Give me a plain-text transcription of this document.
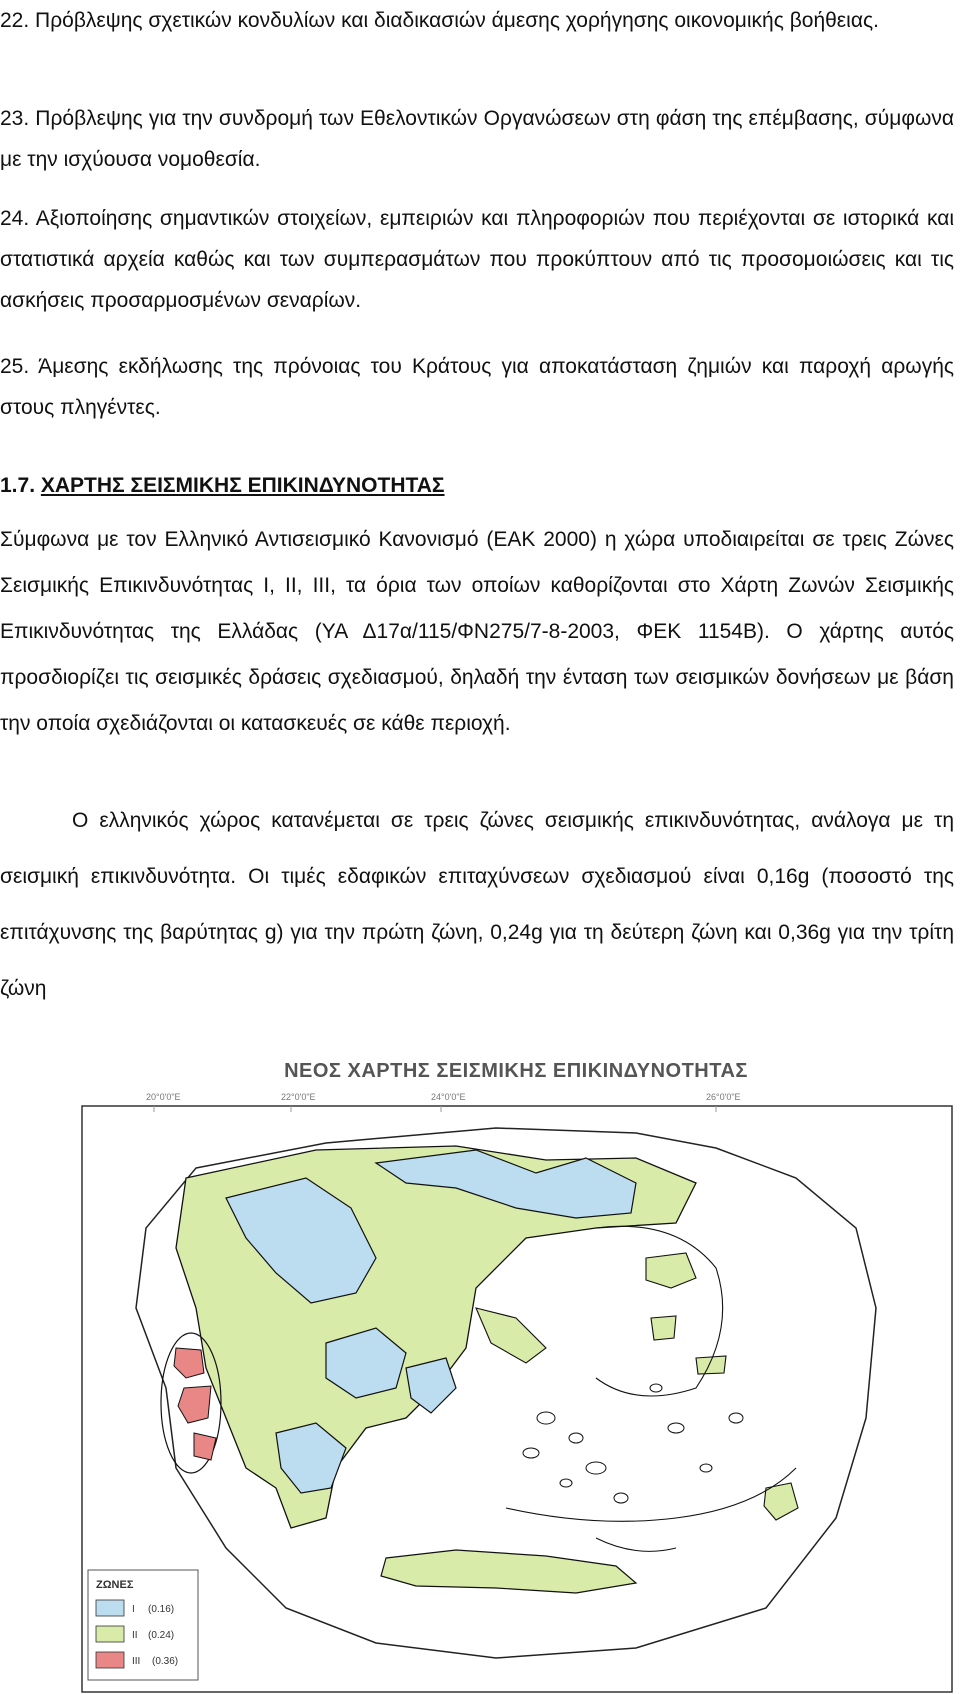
22. Πρόβλεψης σχετικών κονδυλίων και διαδικασιών άμεσης χορήγησης οικονομικής βοήθειας.

23. Πρόβλεψης για την συνδρομή των Εθελοντικών Οργανώσεων στη φάση της επέμβασης, σύμφωνα με την ισχύουσα νομοθεσία.

24. Αξιοποίησης σημαντικών στοιχείων, εμπειριών και πληροφοριών που περιέχονται σε ιστορικά και στατιστικά αρχεία καθώς και των συμπερασμάτων που προκύπτουν από τις προσομοιώσεις και τις ασκήσεις προσαρμοσμένων σεναρίων.

25. Άμεσης εκδήλωσης της πρόνοιας του Κράτους για αποκατάσταση ζημιών και παροχή αρωγής στους πληγέντες.

1.7. ΧΑΡΤΗΣ ΣΕΙΣΜΙΚΗΣ ΕΠΙΚΙΝΔΥΝΟΤΗΤΑΣ

Σύμφωνα με τον Ελληνικό Αντισεισμικό Κανονισμό (ΕΑΚ 2000) η χώρα υποδιαιρείται σε τρεις Ζώνες Σεισμικής Επικινδυνότητας Ι, ΙΙ, ΙΙΙ, τα όρια των οποίων καθορίζονται στο Χάρτη Ζωνών Σεισμικής Επικινδυνότητας της Ελλάδας (ΥΑ Δ17α/115/ΦΝ275/7-8-2003, ΦΕΚ 1154Β). Ο χάρτης αυτός προσδιορίζει τις σεισμικές δράσεις σχεδιασμού, δηλαδή την ένταση των σεισμικών δονήσεων με βάση την οποία σχεδιάζονται οι κατασκευές σε κάθε περιοχή.

Ο ελληνικός χώρος κατανέμεται σε τρεις ζώνες σεισμικής επικινδυνότητας, ανάλογα με τη σεισμική επικινδυνότητα. Οι τιμές εδαφικών επιταχύνσεων σχεδιασμού είναι 0,16g (ποσοστό της επιτάχυνσης της βαρύτητας g) για την πρώτη ζώνη, 0,24g για τη δεύτερη ζώνη και 0,36g για την τρίτη ζώνη

ΝΕΟΣ ΧΑΡΤΗΣ ΣΕΙΣΜΙΚΗΣ ΕΠΙΚΙΝΔΥΝΟΤΗΤΑΣ
20°0'0"E	22°0'0"E	24°0'0"E	26°0'0"E
ΖΩΝΕΣ
I (0.16)
II (0.24)
III (0.36)
